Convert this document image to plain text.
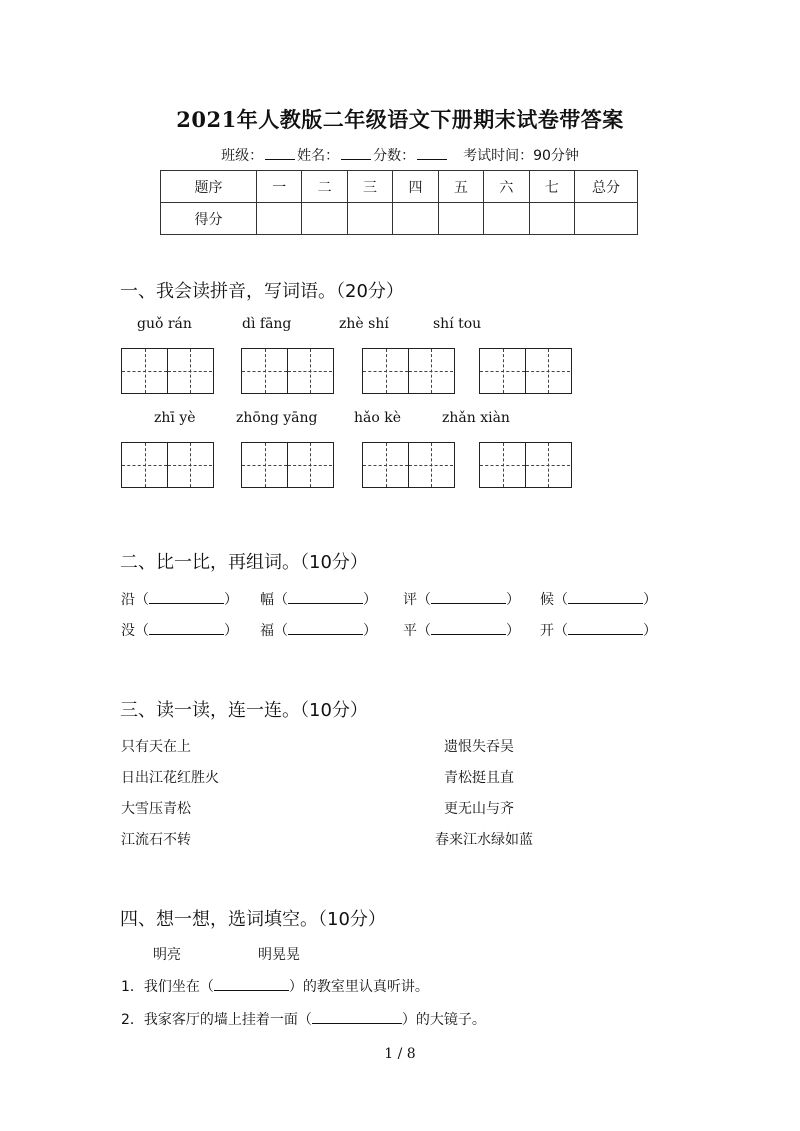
2021年人教版二年级语文下册期末试卷带答案
班级： 姓名： 分数：	考试时间：90分钟
题序	一	二	三	四	五	六	七	总分
得分								
一、我会读拼音，写词语。（20分）
guǒ rán	dì fāng	zhè shí	shí tou
zhī yè	zhōng yāng	hǎo kè	zhǎn xiàn
二、比一比，再组词。（10分）
沿（	） 幅（	） 评（	） 候（	）
没（	） 福（	） 平（	） 开（	）
三、读一读，连一连。（10分）
只有天在上
日出江花红胜火
大雪压青松
江流石不转
遗恨失吞吴
青松挺且直
更无山与齐
春来江水绿如蓝
四、想一想，选词填空。（10分）
明亮	明晃晃
1．我们坐在（	）的教室里认真听讲。
2．我家客厅的墙上挂着一面（	）的大镜子。
1 / 8
